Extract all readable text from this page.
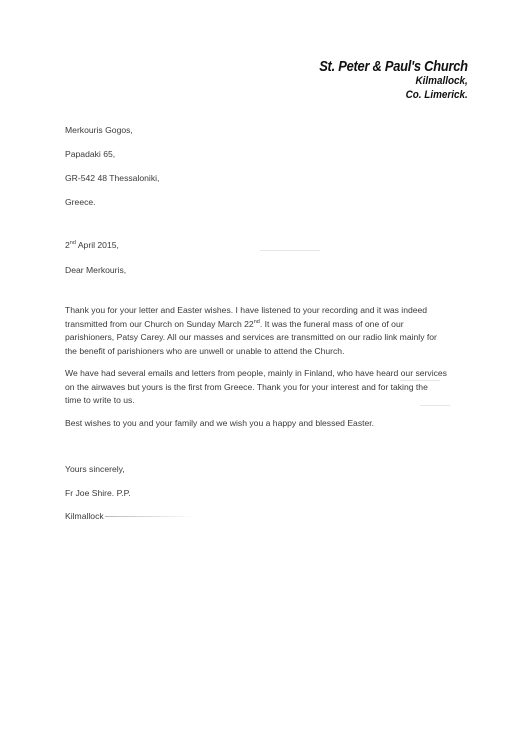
St. Peter & Paul's Church
Kilmallock,
Co. Limerick.
Merkouris Gogos,
Papadaki 65,
GR-542 48 Thessaloniki,
Greece.
2nd April 2015,
Dear Merkouris,

Thank you for your letter and Easter wishes. I have listened to your recording and it was indeed

transmitted from our Church on Sunday March 22nd. It was the funeral mass of one of our

parishioners, Patsy Carey. All our masses and services are transmitted on our radio link mainly for

the benefit of parishioners who are unwell or unable to attend the Church.

We have had several emails and letters from people, mainly in Finland, who have heard our services

on the airwaves but yours is the first from Greece. Thank you for your interest and for taking the

time to write to us.

Best wishes to you and your family and we wish you a happy and blessed Easter.

Yours sincerely,
Fr Joe Shire. P.P.
Kilmallock
